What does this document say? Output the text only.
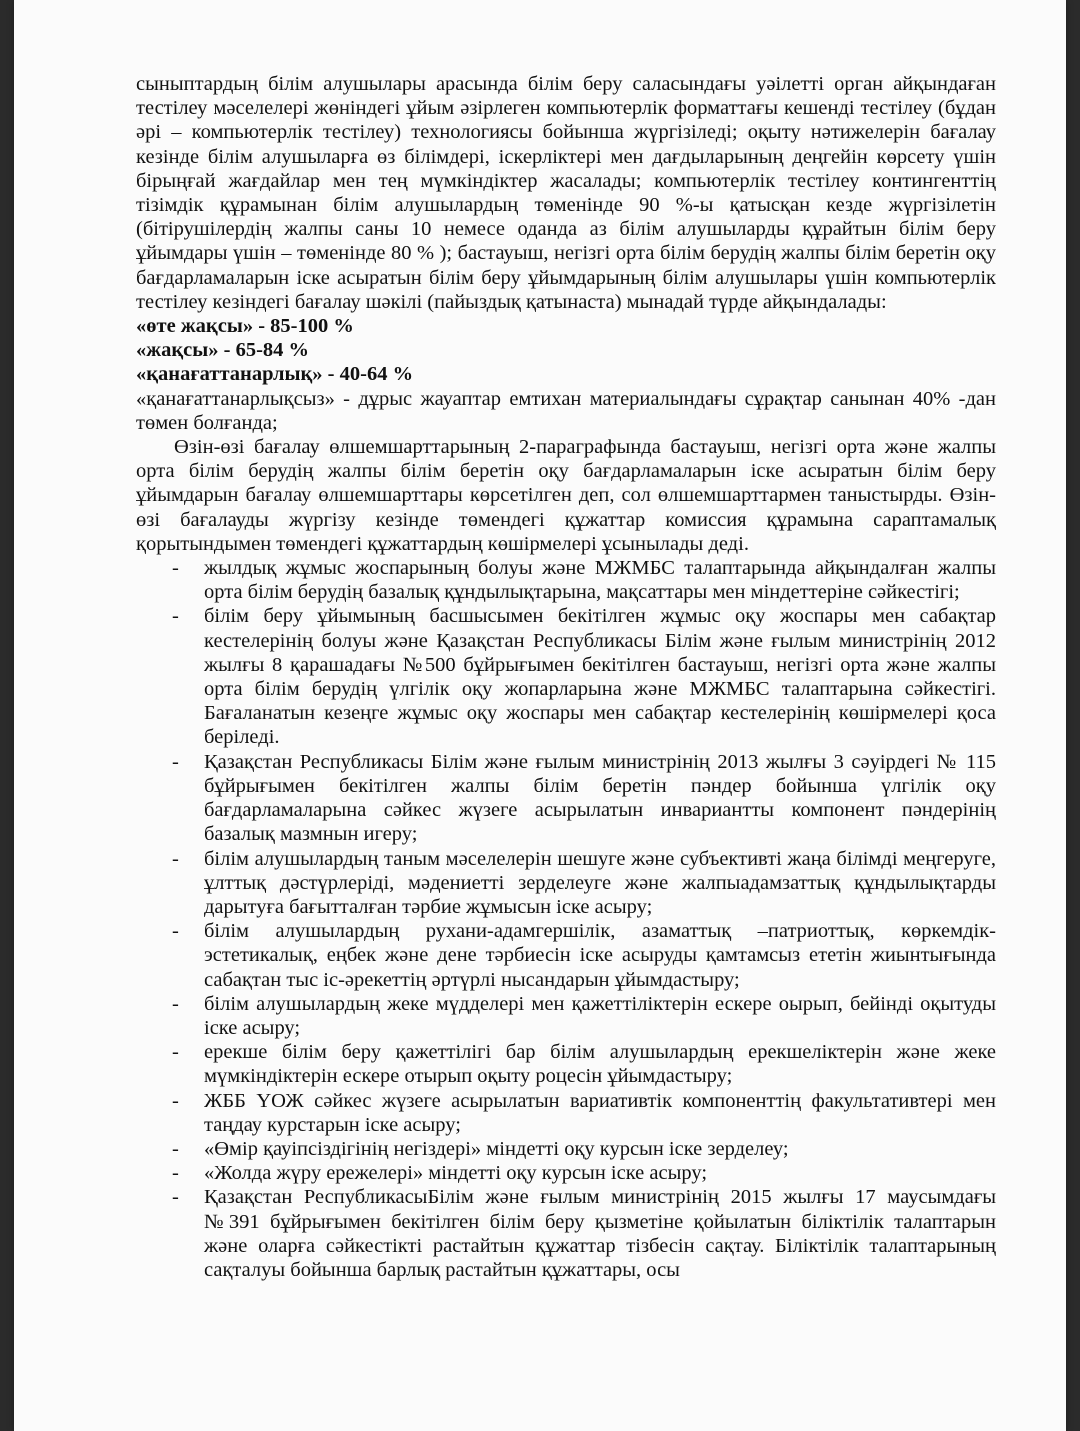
сыныптардың білім алушылары арасында білім беру саласындағы уәілетті орган айқындаған тестілеу мәселелері жөніндегі ұйым әзірлеген компьютерлік форматтағы кешенді тестілеу (бұдан әрі – компьютерлік тестілеу) технологиясы бойынша жүргізіледі; оқыту нәтижелерін бағалау кезінде білім алушыларға өз білімдері, іскерліктері мен дағдыларының деңгейін көрсету үшін бірыңғай жағдайлар мен тең мүмкіндіктер жасалады; компьютерлік тестілеу контингенттің тізімдік құрамынан білім алушылардың төменінде 90 %-ы қатысқан кезде жүргізілетін (бітірушілердің жалпы саны 10 немесе оданда аз білім алушыларды құрайтын білім беру ұйымдары үшін – төменінде 80 % ); бастауыш, негізгі орта білім берудің жалпы білім беретін оқу бағдарламаларын іске асыратын білім беру ұйымдарының білім алушылары үшін компьютерлік тестілеу кезіндегі бағалау шәкілі (пайыздық қатынаста) мынадай түрде айқындалады:

«өте жақсы» - 85-100 %

«жақсы» - 65-84 %

«қанағаттанарлық» - 40-64 %

«қанағаттанарлықсыз» - дұрыс жауаптар емтихан материалындағы сұрақтар санынан 40% -дан төмен болғанда;

Өзін-өзі бағалау өлшемшарттарының 2-параграфында бастауыш, негізгі орта және жалпы орта білім берудің жалпы білім беретін оқу бағдарламаларын іске асыратын білім беру ұйымдарын бағалау өлшемшарттары көрсетілген деп, сол өлшемшарттармен таныстырды. Өзін-өзі бағалауды жүргізу кезінде төмендегі құжаттар комиссия құрамына сараптамалық қорытындымен төмендегі құжаттардың көшірмелері ұсынылады деді.

- жылдық жұмыс жоспарының болуы және МЖМБС талаптарында айқындалған жалпы орта білім берудің базалық құндылықтарына, мақсаттары мен міндеттеріне сәйкестігі;
- білім беру ұйымының басшысымен бекітілген жұмыс оқу жоспары мен сабақтар кестелерінің болуы және Қазақстан Республикасы Білім және ғылым министрінің 2012 жылғы 8 қарашадағы №500 бұйрығымен бекітілген бастауыш, негізгі орта және жалпы орта білім берудің үлгілік оқу жопарларына және МЖМБС талаптарына сәйкестігі. Бағаланатын кезеңге жұмыс оқу жоспары мен сабақтар кестелерінің көшірмелері қоса беріледі.
- Қазақстан Республикасы Білім және ғылым министрінің 2013 жылғы 3 сәуірдегі № 115 бұйрығымен бекітілген жалпы білім беретін пәндер бойынша үлгілік оқу бағдарламаларына сәйкес жүзеге асырылатын инвариантты компонент пәндерінің базалық мазмнын игеру;
- білім алушылардың таным мәселелерін шешуге және субъективті жаңа білімді меңгеруге, ұлттық дәстүрлеріді, мәдениетті зерделеуге және жалпыадамзаттық құндылықтарды дарытуға бағытталған тәрбие жұмысын іске асыру;
- білім алушылардың рухани-адамгершілік, азаматтық –патриоттық, көркемдік-эстетикалық, еңбек және дене тәрбиесін іске асыруды қамтамсыз ететін жиынтығында сабақтан тыс іс-әрекеттің әртүрлі нысандарын ұйымдастыру;
- білім алушылардың жеке мүдделері мен қажеттіліктерін ескере оырып, бейінді оқытуды іске асыру;
- ерекше білім беру қажеттілігі бар білім алушылардың ерекшеліктерін және жеке мүмкіндіктерін ескере отырып оқыту роцесін ұйымдастыру;
- ЖББ ҮОЖ сәйкес жүзеге асырылатын вариативтік компоненттің факультативтері мен таңдау курстарын іске асыру;
- «Өмір қауіпсіздігінің негіздері» міндетті оқу курсын іске зерделеу;
- «Жолда жүру ережелері» міндетті оқу курсын іске асыру;
- Қазақстан РеспубликасыБілім және ғылым министрінің 2015 жылғы 17 маусымдағы №391 бұйрығымен бекітілген білім беру қызметіне қойылатын біліктілік талаптарын және оларға сәйкестікті растайтын құжаттар тізбесін сақтау. Біліктілік талаптарының сақталуы бойынша барлық растайтын құжаттары, осы
